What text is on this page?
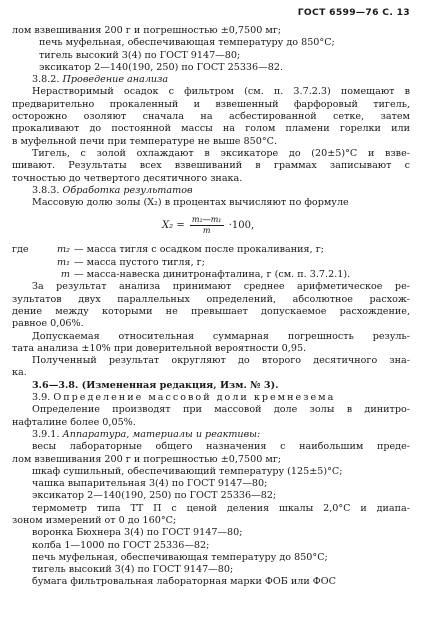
ГОСТ 6599—76 С. 13
лом взвешивания 200 г и погрешностью ±0,7500 мг;
печь муфельная, обеспечивающая температуру до 850°С;
тигель высокий 3(4) по ГОСТ 9147—80;
эксикатор 2—140(190, 250) по ГОСТ 25336—82.
3.8.2. Проведение анализа
Нерастворимый осадок с фильтром (см. п. 3.7.2.3) помещают в
предварительно прокаленный и взвешенный фарфоровый тигель,
осторожно озоляют сначала на асбестированной сетке, затем
прокаливают до постоянной массы на голом пламени горелки или
в муфельной печи при температуре не выше 850°С.
Тигель, с золой охлаждают в эксикаторе до (20±5)°С и взве-
шивают. Результаты всех взвешиваний в граммах записывают с
точностью до четвертого десятичного знака.
3.8.3. Обработка результатов
Массовую долю золы (X₂) в процентах вычисляют по формуле
$X_2 = \frac{\text{m₂—m₁}}{m} \cdot 100$,
где	m₂ — масса тигля с осадком после прокаливания, г;
m₁ — масса пустого тигля, г;
m — масса-навеска динитронафталина, г (см. п. 3.7.2.1).
За результат анализа принимают среднее арифметическое ре-
зультатов двух параллельных определений, абсолютное расхож-
дение между которыми не превышает допускаемое расхождение,
равное 0,06%.
Допускаемая относительная суммарная погрешность резуль-
тата анализа ±10% при доверительной вероятности 0,95.
Полученный результат округляют до второго десятичного зна-
ка.
3.6—3.8. (Измененная редакция, Изм. № 3).
3.9. Определение массовой доли кремнезема
Определение производят при массовой доле золы в динитро-
нафталине более 0,05%.
3.9.1. Аппаратура, материалы и реактивы:
весы лабораторные общего назначения с наибольшим предe-
лом взвешивания 200 г и погрешностью ±0,7500 мг;
шкаф сушильный, обеспечивающий температуру (125±5)°С;
чашка выпарительная 3(4) по ГОСТ 9147—80;
эксикатор 2—140(190, 250) по ГОСТ 25336—82;
термометр типа ТТ П с ценой деления шкалы 2,0°С и диапа-
зоном измерений от 0 до 160°С;
воронка Бюхнера 3(4) по ГОСТ 9147—80;
колба 1—1000 по ГОСТ 25336—82;
печь муфельная, обеспечивающая температуру до 850°С;
тигель высокий 3(4) по ГОСТ 9147—80;
бумага фильтровальная лабораторная марки ФОБ или ФОС
